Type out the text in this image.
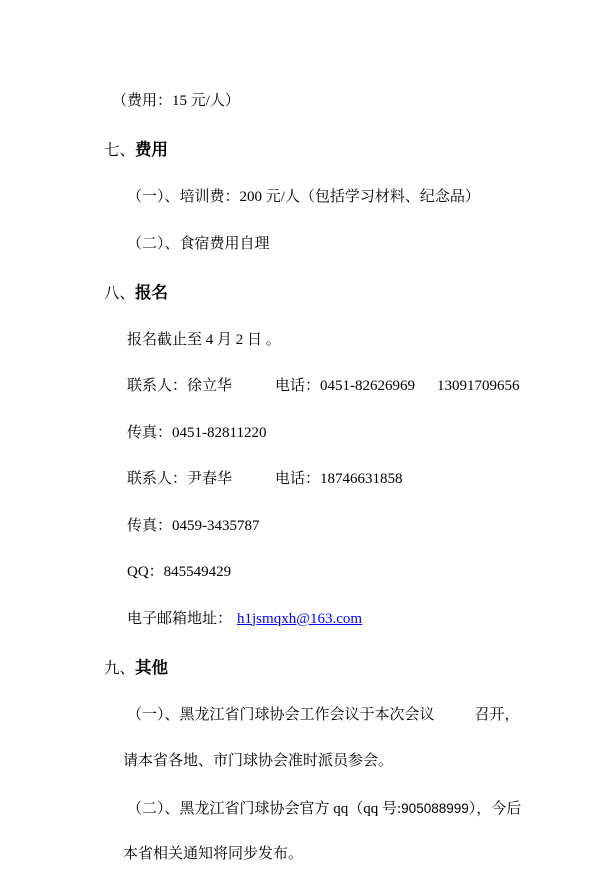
（费用：15 元/人）

七、费用

（一）、培训费：200 元/人（包括学习材料、纪念品）

（二）、食宿费用自理

八、报名

报名截止至 4 月 2 日 。

联系人：徐立华	电话：0451-82626969 13091709656

传真：0451-82811220

联系人：尹春华	电话：18746631858

传真：0459-3435787

QQ：845549429

电子邮箱地址： h1jsmqxh@163.com

九、其他

（一）、黑龙江省门球协会工作会议于本次会议	召开，

请本省各地、市门球协会准时派员参会。

（二）、黑龙江省门球协会官方 qq（qq 号:905088999），今后

本省相关通知将同步发布。
